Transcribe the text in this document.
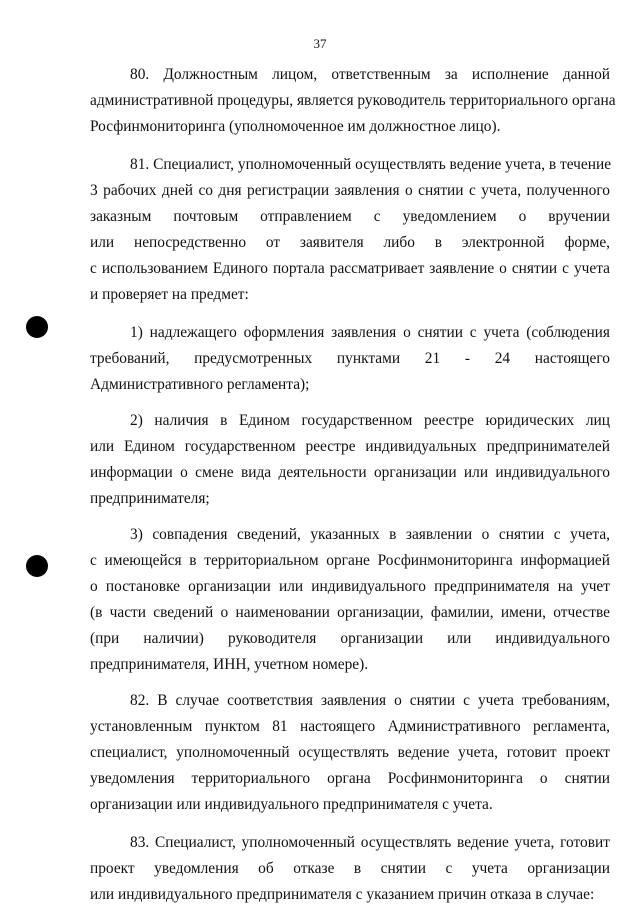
37
80. Должностным лицом, ответственным за исполнение данной
административной процедуры, является руководитель территориального органа
Росфинмониторинга (уполномоченное им должностное лицо).
81. Специалист, уполномоченный осуществлять ведение учета, в течение
3 рабочих дней со дня регистрации заявления о снятии с учета, полученного
заказным почтовым отправлением с уведомлением о вручении
или непосредственно от заявителя либо в электронной форме,
с использованием Единого портала рассматривает заявление о снятии с учета
и проверяет на предмет:
1) надлежащего оформления заявления о снятии с учета (соблюдения
требований, предусмотренных пунктами 21 - 24 настоящего
Административного регламента);
2) наличия в Едином государственном реестре юридических лиц
или Едином государственном реестре индивидуальных предпринимателей
информации о смене вида деятельности организации или индивидуального
предпринимателя;
3) совпадения сведений, указанных в заявлении о снятии с учета,
с имеющейся в территориальном органе Росфинмониторинга информацией
о постановке организации или индивидуального предпринимателя на учет
(в части сведений о наименовании организации, фамилии, имени, отчестве
(при наличии) руководителя организации или индивидуального
предпринимателя, ИНН, учетном номере).
82. В случае соответствия заявления о снятии с учета требованиям,
установленным пунктом 81 настоящего Административного регламента,
специалист, уполномоченный осуществлять ведение учета, готовит проект
уведомления территориального органа Росфинмониторинга о снятии
организации или индивидуального предпринимателя с учета.
83. Специалист, уполномоченный осуществлять ведение учета, готовит
проект уведомления об отказе в снятии с учета организации
или индивидуального предпринимателя с указанием причин отказа в случае:
